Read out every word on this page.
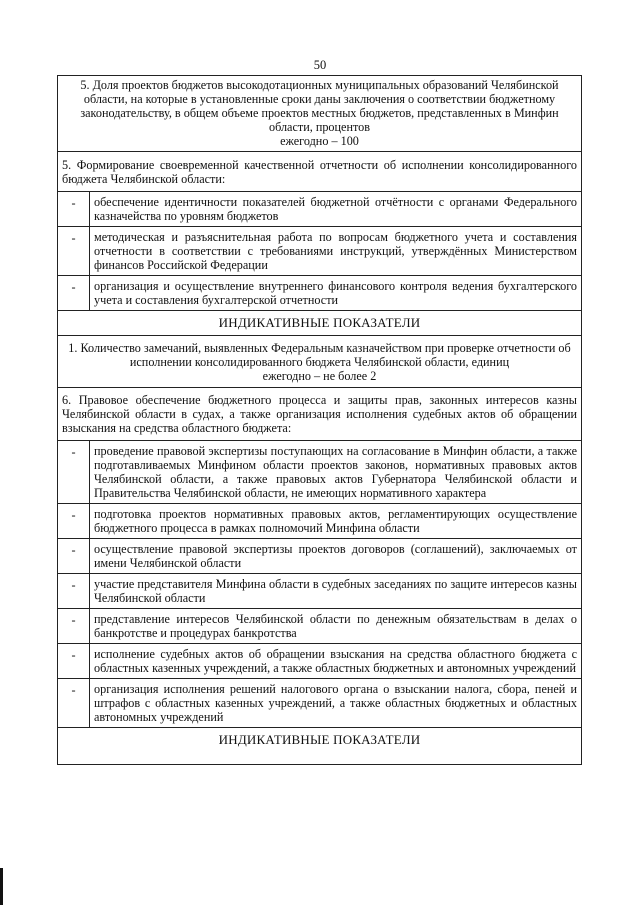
50
5. Доля проектов бюджетов высокодотационных муниципальных образований Челябинской области, на которые в установленные сроки даны заключения о соответствии бюджетному законодательству, в общем объеме проектов местных бюджетов, представленных в Минфин области, процентов
ежегодно – 100	

5. Формирование своевременной качественной отчетности об исполнении консолидированного бюджета Челябинской области:	
-	обеспечение идентичности показателей бюджетной отчётности с органами Федерального казначейства по уровням бюджетов
-	методическая и разъяснительная работа по вопросам бюджетного учета и составления отчетности в соответствии с требованиями инструкций, утверждённых Министерством финансов Российской Федерации
-	организация и осуществление внутреннего финансового контроля ведения бухгалтерского учета и составления бухгалтерской отчетности
ИНДИКАТИВНЫЕ ПОКАЗАТЕЛИ	

1. Количество замечаний, выявленных Федеральным казначейством при проверке отчетности об исполнении консолидированного бюджета Челябинской области, единиц
ежегодно – не более 2	

6. Правовое обеспечение бюджетного процесса и защиты прав, законных интересов казны Челябинской области в судах, а также организация исполнения судебных актов об обращении взыскания на средства областного бюджета:	
-	проведение правовой экспертизы поступающих на согласование в Минфин области, а также подготавливаемых Минфином области проектов законов, нормативных правовых актов Челябинской области, а также правовых актов Губернатора Челябинской области и Правительства Челябинской области, не имеющих нормативного характера
-	подготовка проектов нормативных правовых актов, регламентирующих осуществление бюджетного процесса в рамках полномочий Минфина области
-	осуществление правовой экспертизы проектов договоров (соглашений), заключаемых от имени Челябинской области
-	участие представителя Минфина области в судебных заседаниях по защите интересов казны Челябинской области
-	представление интересов Челябинской области по денежным обязательствам в делах о банкротстве и процедурах банкротства
-	исполнение судебных актов об обращении взыскания на средства областного бюджета с областных казенных учреждений, а также областных бюджетных и автономных учреждений
-	организация исполнения решений налогового органа о взыскании налога, сбора, пеней и штрафов с областных казенных учреждений, а также областных бюджетных и областных автономных учреждений
ИНДИКАТИВНЫЕ ПОКАЗАТЕЛИ	
